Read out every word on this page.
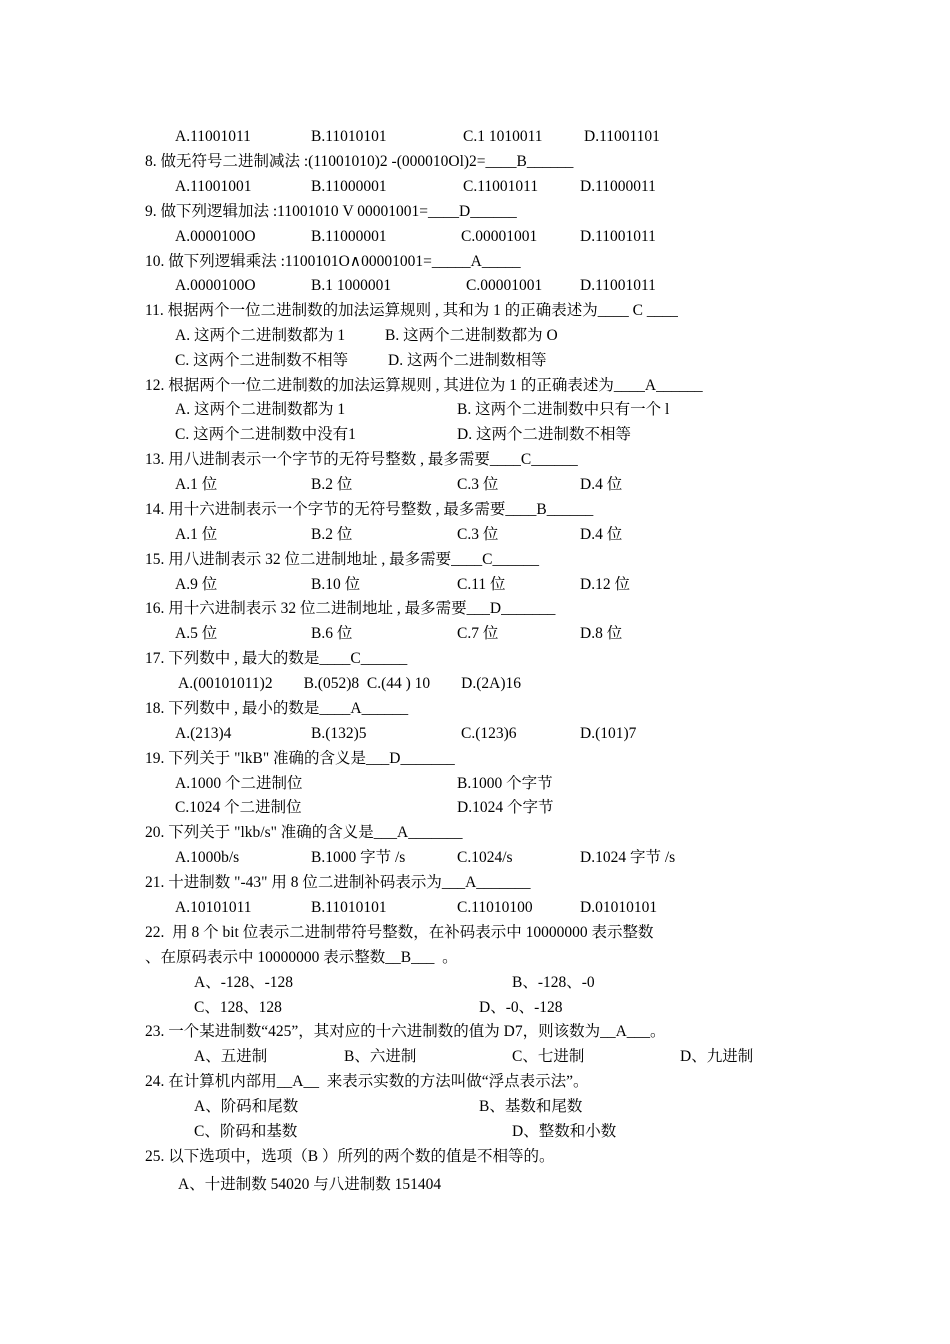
A.11001011	B.11010101	C.1 1010011	D.11001101
8. 做无符号二进制减法 :(11001010)2 -(000010Ol)2=____B______
A.11001001	B.11000001	C.11001011	D.11000011
9. 做下列逻辑加法 :11001010 V 00001001=____D______
A.0000100O	B.11000001	C.00001001	D.11001011
10. 做下列逻辑乘法 :1100101O∧00001001=_____A_____
A.0000100O	B.1 1000001	C.00001001 D.11001011
11. 根据两个一位二进制数的加法运算规则 , 其和为 1 的正确表述为____ C ____
A. 这两个二进制数都为 1	B. 这两个二进制数都为 O
C. 这两个二进制数不相等	D. 这两个二进制数相等
12. 根据两个一位二进制数的加法运算规则 , 其进位为 1 的正确表述为____A______
A. 这两个二进制数都为 1	B. 这两个二进制数中只有一个 l
C. 这两个二进制数中没有1	D. 这两个二进制数不相等
13. 用八进制表示一个字节的无符号整数 , 最多需要____C______
A.1 位	B.2 位	C.3 位	D.4 位
14. 用十六进制表示一个字节的无符号整数 , 最多需要____B______
A.1 位	B.2 位	C.3 位	D.4 位
15. 用八进制表示 32 位二进制地址 , 最多需要____C______
A.9 位	B.10 位	C.11 位	D.12 位
16. 用十六进制表示 32 位二进制地址 , 最多需要___D_______
A.5 位	B.6 位	C.7 位	D.8 位
17. 下列数中 , 最大的数是____C______
A.(00101011)2        B.(052)8  C.(44 ) 10        D.(2A)16
18. 下列数中 , 最小的数是____A______
A.(213)4	B.(132)5	C.(123)6	D.(101)7
19. 下列关于 "lkB" 准确的含义是___D_______
A.1000 个二进制位	B.1000 个字节
C.1024 个二进制位	D.1024 个字节
20. 下列关于 "lkb/s" 准确的含义是___A_______
A.1000b/s	B.1000 字节 /s	C.1024/s	D.1024 字节 /s
21. 十进制数 "-43" 用 8 位二进制补码表示为___A_______
A.10101011	B.11010101	C.11010100	D.01010101
22.  用 8 个 bit 位表示二进制带符号整数，在补码表示中 10000000 表示整数
、在原码表示中 10000000 表示整数__B___  。
A、-128、-128	B、-128、-0
C、128、128	D、-0、-128
23. 一个某进制数“425”，其对应的十六进制数的值为 D7，则该数为__A___。
A、五进制	B、六进制	C、七进制	D、九进制
24. 在计算机内部用__A__  来表示实数的方法叫做“浮点表示法”。
A、阶码和尾数	B、基数和尾数
C、阶码和基数	D、整数和小数
25. 以下选项中，选项（B ）所列的两个数的值是不相等的。
A、十进制数 54020 与八进制数 151404
